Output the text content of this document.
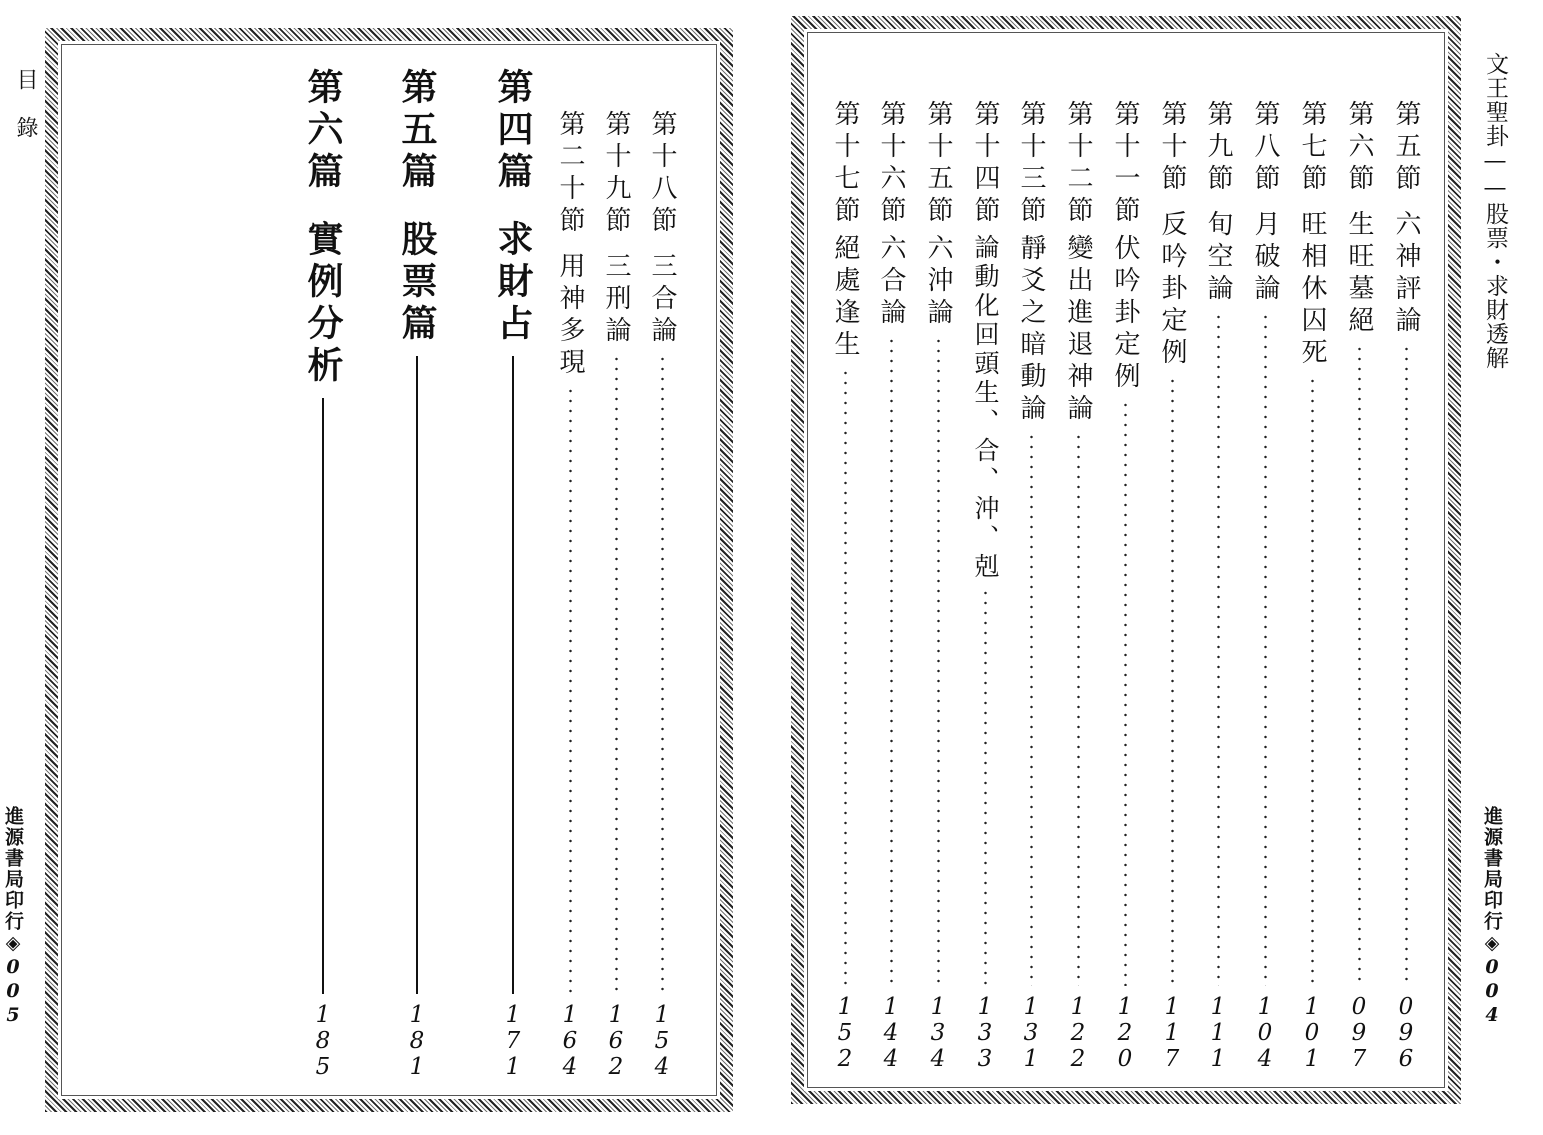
目錄
進源書局印行◈005
文王聖卦——股票・求財透解
進源書局印行◈004
第十八節
三合論
154
第十九節
三刑論
162
第二十節
用神多現
164
第四篇
求財占
171
第五篇
股票篇
181
第六篇
實例分析
185
第五節
六神評論
096
第六節
生旺墓絕
097
第七節
旺相休囚死
101
第八節
月破論
104
第九節
旬空論
111
第十節
反吟卦定例
117
第十一節
伏吟卦定例
120
第十二節
變出進退神論
122
第十三節
靜爻之暗動論
131
第十四節
論動化回頭生、合、沖、剋
133
第十五節
六沖論
134
第十六節
六合論
144
第十七節
絕處逢生
152
